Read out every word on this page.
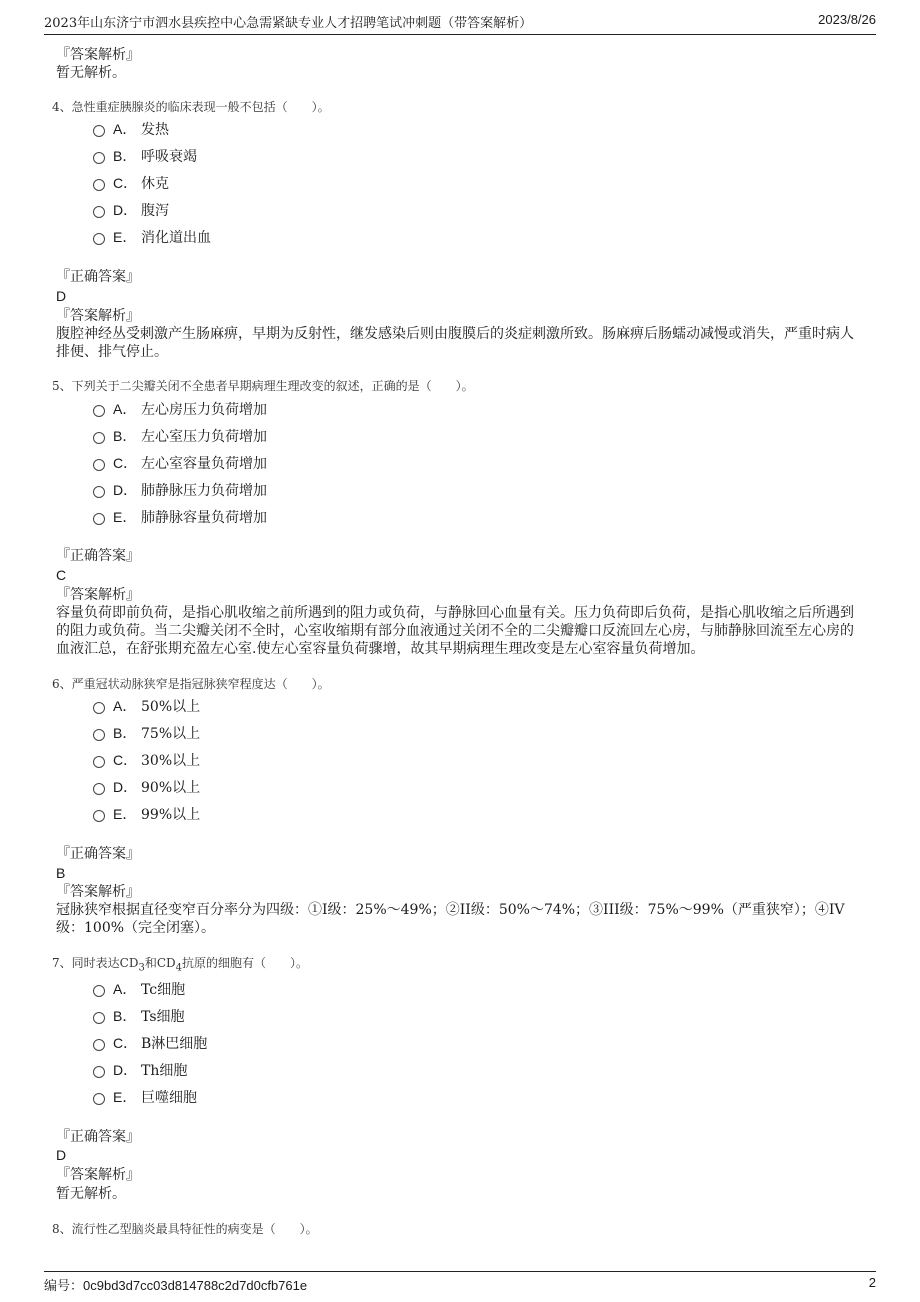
2023年山东济宁市泗水县疾控中心急需紧缺专业人才招聘笔试冲刺题（带答案解析）	2023/8/26
『答案解析』
暂无解析。
4、急性重症胰腺炎的临床表现一般不包括（　　）。
A． 发热
B． 呼吸衰竭
C． 休克
D． 腹泻
E． 消化道出血
『正确答案』
D
『答案解析』
腹腔神经丛受刺激产生肠麻痹，早期为反射性，继发感染后则由腹膜后的炎症刺激所致。肠麻痹后肠蠕动减慢或消失，严重时病人排便、排气停止。
5、下列关于二尖瓣关闭不全患者早期病理生理改变的叙述，正确的是（　　）。
A． 左心房压力负荷增加
B． 左心室压力负荷增加
C． 左心室容量负荷增加
D． 肺静脉压力负荷增加
E． 肺静脉容量负荷增加
『正确答案』
C
『答案解析』
容量负荷即前负荷，是指心肌收缩之前所遇到的阻力或负荷，与静脉回心血量有关。压力负荷即后负荷，是指心肌收缩之后所遇到的阻力或负荷。当二尖瓣关闭不全时，心室收缩期有部分血液通过关闭不全的二尖瓣瓣口反流回左心房，与肺静脉回流至左心房的血液汇总，在舒张期充盈左心室.使左心室容量负荷骤增，故其早期病理生理改变是左心室容量负荷增加。
6、严重冠状动脉狭窄是指冠脉狭窄程度达（　　）。
A． 50%以上
B． 75%以上
C． 30%以上
D． 90%以上
E． 99%以上
『正确答案』
B
『答案解析』
冠脉狭窄根据直径变窄百分率分为四级：①I级：25%～49%；②II级：50%～74%；③III级：75%～99%（严重狭窄）；④IV级：100%（完全闭塞）。
7、同时表达$CD_3$和$CD_4$抗原的细胞有（　　）。
A． Tc细胞
B． Ts细胞
C． B淋巴细胞
D． Th细胞
E． 巨噬细胞
『正确答案』
D
『答案解析』
暂无解析。
8、流行性乙型脑炎最具特征性的病变是（　　）。
编号：0c9bd3d7cc03d814788c2d7d0cfb761e	2
